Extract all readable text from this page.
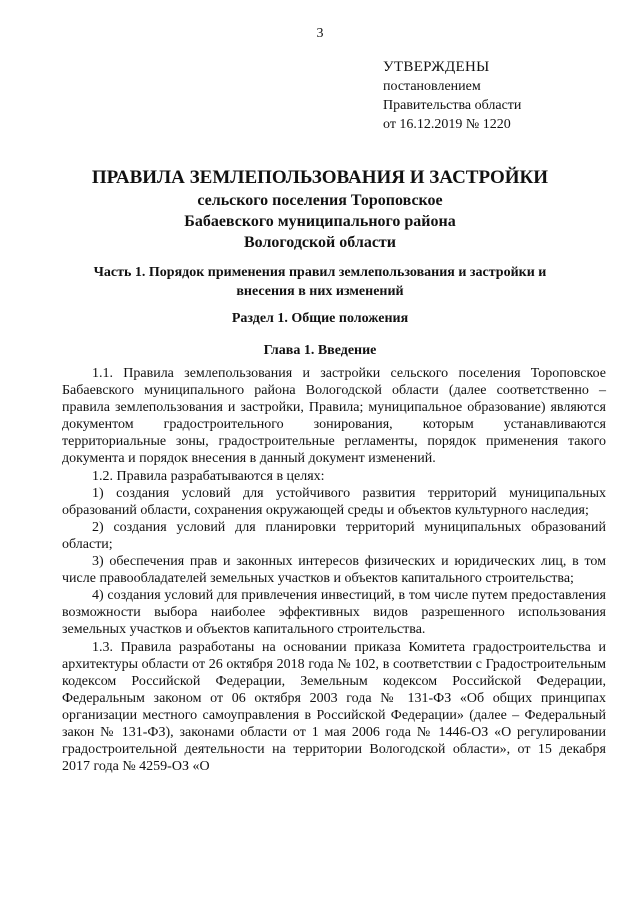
3
УТВЕРЖДЕНЫ
постановлением
Правительства области
от 16.12.2019 № 1220
ПРАВИЛА ЗЕМЛЕПОЛЬЗОВАНИЯ И ЗАСТРОЙКИ
сельского поселения Тороповское
Бабаевского муниципального района
Вологодской области
Часть 1. Порядок применения правил землепользования и застройки и внесения в них изменений
Раздел 1. Общие положения
Глава 1. Введение

1.1. Правила землепользования и застройки сельского поселения Тороповское Бабаевского муниципального района Вологодской области (далее соответственно – правила землепользования и застройки, Правила; муниципальное образование) являются документом градостроительного зонирования, которым устанавливаются территориальные зоны, градостроительные регламенты, порядок применения такого документа и порядок внесения в данный документ изменений.

1.2. Правила разрабатываются в целях:

1) создания условий для устойчивого развития территорий муниципальных образований области, сохранения окружающей среды и объектов культурного наследия;

2) создания условий для планировки территорий муниципальных образований области;

3) обеспечения прав и законных интересов физических и юридических лиц, в том числе правообладателей земельных участков и объектов капитального строительства;

4) создания условий для привлечения инвестиций, в том числе путем предоставления возможности выбора наиболее эффективных видов разрешенного использования земельных участков и объектов капитального строительства.

1.3. Правила разработаны на основании приказа Комитета градостроительства и архитектуры области от 26 октября 2018 года № 102, в соответствии с Градостроительным кодексом Российской Федерации, Земельным кодексом Российской Федерации, Федеральным законом от 06 октября 2003 года № 131-ФЗ «Об общих принципах организации местного самоуправления в Российской Федерации» (далее – Федеральный закон № 131-ФЗ), законами области от 1 мая 2006 года № 1446-ОЗ «О регулировании градостроительной деятельности на территории Вологодской области», от 15 декабря 2017 года № 4259-ОЗ «О
